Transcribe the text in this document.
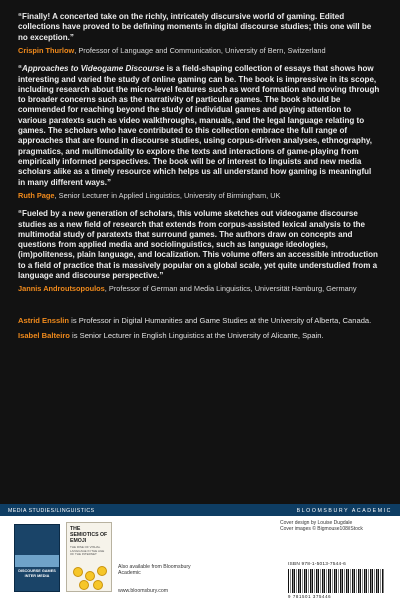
“Finally! A concerted take on the richly, intricately discursive world of gaming. Edited collections have proved to be defining moments in digital discourse studies; this one will be no exception.”

Crispin Thurlow, Professor of Language and Communication, University of Bern, Switzerland

“Approaches to Videogame Discourse is a field-shaping collection of essays that shows how interesting and varied the study of online gaming can be. The book is impressive in its scope, including research about the micro-level features such as word formation and moving through to broader concerns such as the narrativity of particular games. The book should be commended for reaching beyond the study of individual games and paying attention to various paratexts such as video walkthroughs, manuals, and the legal language relating to games. The scholars who have contributed to this collection embrace the full range of approaches that are found in discourse studies, using corpus-driven analyses, ethnography, pragmatics, and multimodality to explore the texts and interactions of game-playing from empirically informed perspectives. The book will be of interest to linguists and new media scholars alike as a timely resource which helps us all understand how gaming is meaningful in many different ways.”

Ruth Page, Senior Lecturer in Applied Linguistics, University of Birmingham, UK

“Fueled by a new generation of scholars, this volume sketches out videogame discourse studies as a new field of research that extends from corpus-assisted lexical analysis to the multimodal study of paratexts that surround games. The authors draw on concepts and questions from applied media and sociolinguistics, such as language ideologies, (im)politeness, plain language, and localization. This volume offers an accessible introduction to a field of practice that is massively popular on a global scale, yet quite understudied from a language and discourse perspective.”

Jannis Androutsopoulos, Professor of German and Media Linguistics, Universität Hamburg, Germany

Astrid Ensslin is Professor in Digital Humanities and Game Studies at the University of Alberta, Canada.

Isabel Balteiro is Senior Lecturer in English Linguistics at the University of Alicante, Spain.

MEDIA STUDIES/LINGUISTICS	BLOOMSBURY ACADEMIC
DISCOURSE GAMES INTER MEDIA
THE SEMIOTICS OF EMOJI
THE RISE OF VISUAL LANGUAGE IN THE AGE OF THE INTERNET
Also available from Bloomsbury Academic
www.bloomsbury.com
Cover design by Louise Dugdale
Cover images © Bigmouse108/iStock
ISBN 978-1-5013-7544-6
9 781501 375446
